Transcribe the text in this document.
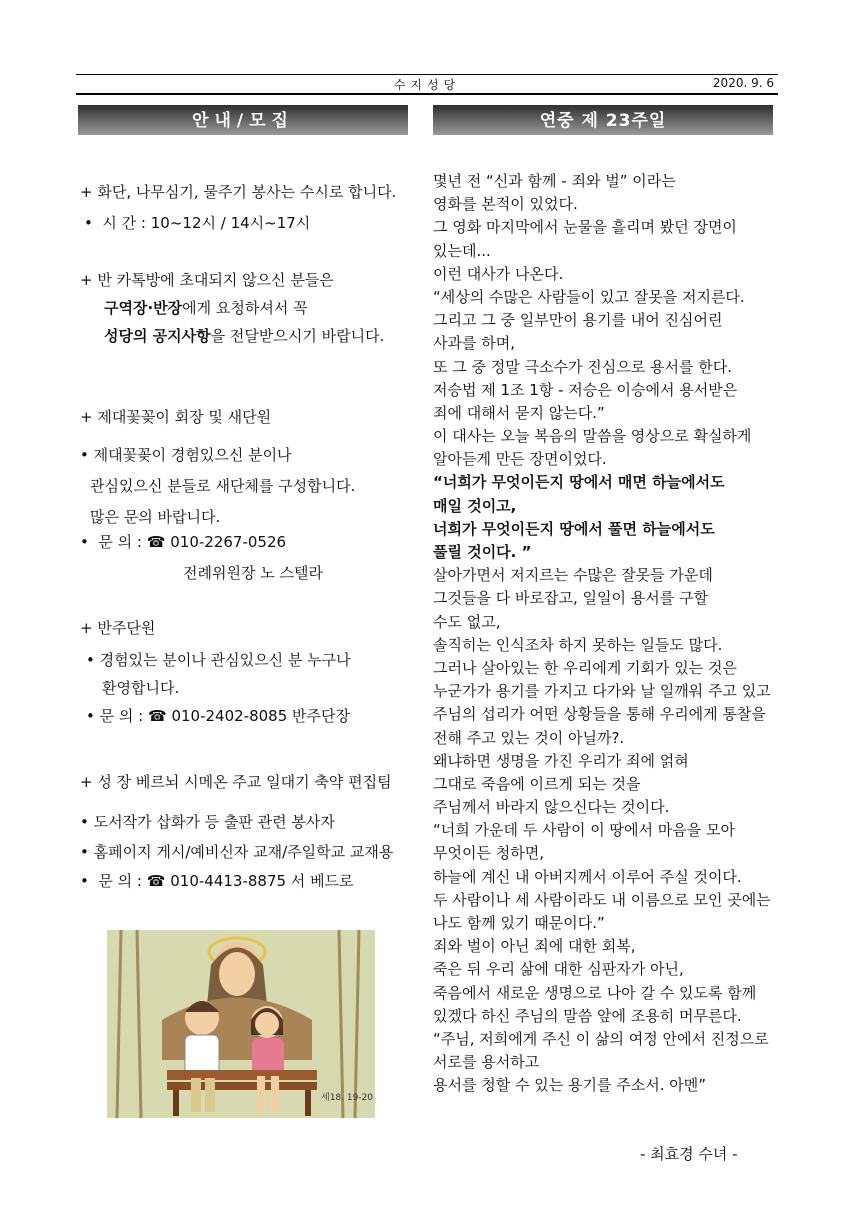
수지성당	2020. 9. 6
안내/모집	연중 제 23주일
+ 화단, 나무심기, 물주기 봉사는 수시로 합니다.
• 시 간 : 10~12시 / 14시~17시
+ 반 카톡방에 초대되지 않으신 분들은
구역장·반장에게 요청하셔서 꼭
성당의 공지사항을 전달받으시기 바랍니다.
+ 제대꽃꽂이 회장 및 새단원
• 제대꽃꽂이 경험있으신 분이나
관심있으신 분들로 새단체를 구성합니다.
많은 문의 바랍니다.
• 문 의 : ☎ 010-2267-0526
전례위원장 노 스텔라
+ 반주단원
• 경험있는 분이나 관심있으신 분 누구나
환영합니다.
• 문 의 : ☎ 010-2402-8085 반주단장
+ 성 장 베르뇌 시메온 주교 일대기 축약 편집팀
• 도서작가 삽화가 등 출판 관련 봉사자
• 홈페이지 게시/예비신자 교재/주일학교 교재용
• 문 의 : ☎ 010-4413-8875 서 베드로
세18. 19-20
몇년 전 “신과 함께 - 죄와 벌” 이라는
영화를 본적이 있었다.
그 영화 마지막에서 눈물을 흘리며 봤던 장면이
있는데...
이런 대사가 나온다.
“세상의 수많은 사람들이 있고 잘못을 저지른다.
그리고 그 중 일부만이 용기를 내어 진심어린
사과를 하며,
또 그 중 정말 극소수가 진심으로 용서를 한다.
저승법 제 1조 1항 - 저승은 이승에서 용서받은
죄에 대해서 묻지 않는다.”
이 대사는 오늘 복음의 말씀을 영상으로 확실하게
알아듣게 만든 장면이었다.
“너희가 무엇이든지 땅에서 매면 하늘에서도
매일 것이고,
너희가 무엇이든지 땅에서 풀면 하늘에서도
풀릴 것이다. ”
살아가면서 저지르는 수많은 잘못들 가운데
그것들을 다 바로잡고, 일일이 용서를 구할
수도 없고,
솔직히는 인식조차 하지 못하는 일들도 많다.
그러나 살아있는 한 우리에게 기회가 있는 것은
누군가가 용기를 가지고 다가와 날 일깨워 주고 있고
주님의 섭리가 어떤 상황들을 통해 우리에게 통찰을
전해 주고 있는 것이 아닐까?.
왜냐하면 생명을 가진 우리가 죄에 얽혀
그대로 죽음에 이르게 되는 것을
주님께서 바라지 않으신다는 것이다.
“너희 가운데 두 사람이 이 땅에서 마음을 모아
무엇이든 청하면,
하늘에 계신 내 아버지께서 이루어 주실 것이다.
두 사람이나 세 사람이라도 내 이름으로 모인 곳에는
나도 함께 있기 때문이다.”
죄와 벌이 아닌 죄에 대한 회복,
죽은 뒤 우리 삶에 대한 심판자가 아닌,
죽음에서 새로운 생명으로 나아 갈 수 있도록 함께
있겠다 하신 주님의 말씀 앞에 조용히 머무른다.
“주님, 저희에게 주신 이 삶의 여정 안에서 진정으로
서로를 용서하고
용서를 청할 수 있는 용기를 주소서. 아멘”
- 최효경 수녀 -
